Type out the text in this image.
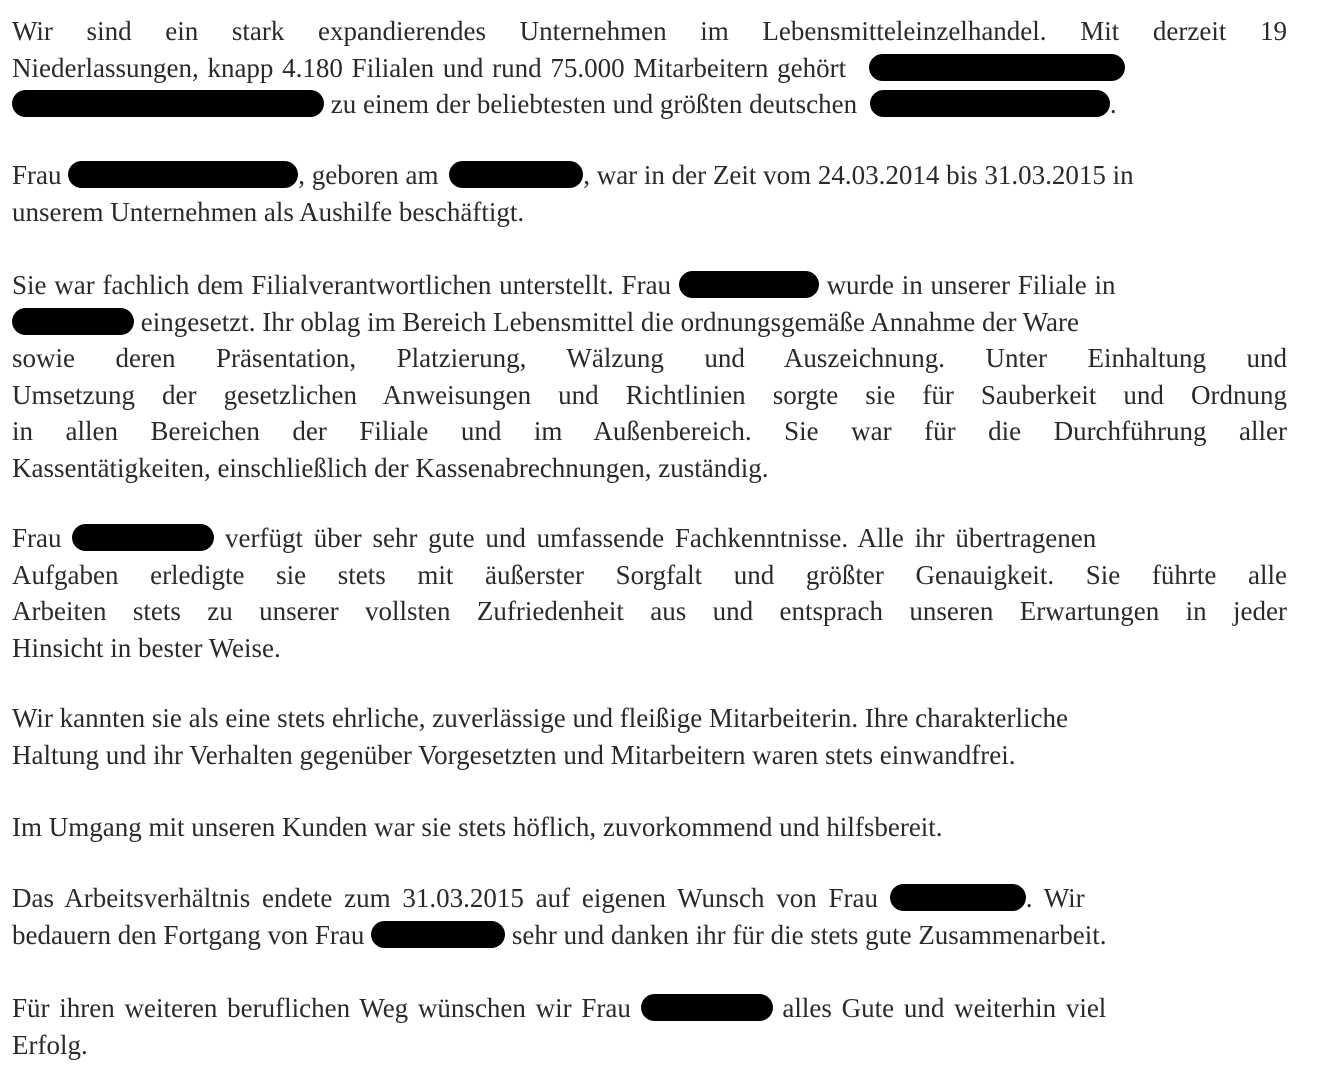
Wir sind ein stark expandierendes Unternehmen im Lebensmitteleinzelhandel. Mit derzeit 19
Niederlassungen, knapp 4.180 Filialen und rund 75.000 Mitarbeitern gehört
zu einem der beliebtesten und größten deutschen	.
Frau	, geboren am	, war in der Zeit vom 24.03.2014 bis 31.03.2015 in
unserem Unternehmen als Aushilfe beschäftigt.
Sie war fachlich dem Filialverantwortlichen unterstellt. Frau	wurde in unserer Filiale in
eingesetzt. Ihr oblag im Bereich Lebensmittel die ordnungsgemäße Annahme der Ware
sowie deren Präsentation, Platzierung, Wälzung und Auszeichnung. Unter Einhaltung und
Umsetzung der gesetzlichen Anweisungen und Richtlinien sorgte sie für Sauberkeit und Ordnung
in allen Bereichen der Filiale und im Außenbereich. Sie war für die Durchführung aller
Kassentätigkeiten, einschließlich der Kassenabrechnungen, zuständig.
Frau	verfügt über sehr gute und umfassende Fachkenntnisse. Alle ihr übertragenen
Aufgaben erledigte sie stets mit äußerster Sorgfalt und größter Genauigkeit. Sie führte alle
Arbeiten stets zu unserer vollsten Zufriedenheit aus und entsprach unseren Erwartungen in jeder
Hinsicht in bester Weise.
Wir kannten sie als eine stets ehrliche, zuverlässige und fleißige Mitarbeiterin. Ihre charakterliche
Haltung und ihr Verhalten gegenüber Vorgesetzten und Mitarbeitern waren stets einwandfrei.
Im Umgang mit unseren Kunden war sie stets höflich, zuvorkommend und hilfsbereit.
Das Arbeitsverhältnis endete zum 31.03.2015 auf eigenen Wunsch von Frau	. Wir
bedauern den Fortgang von Frau	sehr und danken ihr für die stets gute Zusammenarbeit.
Für ihren weiteren beruflichen Weg wünschen wir Frau	alles Gute und weiterhin viel
Erfolg.
